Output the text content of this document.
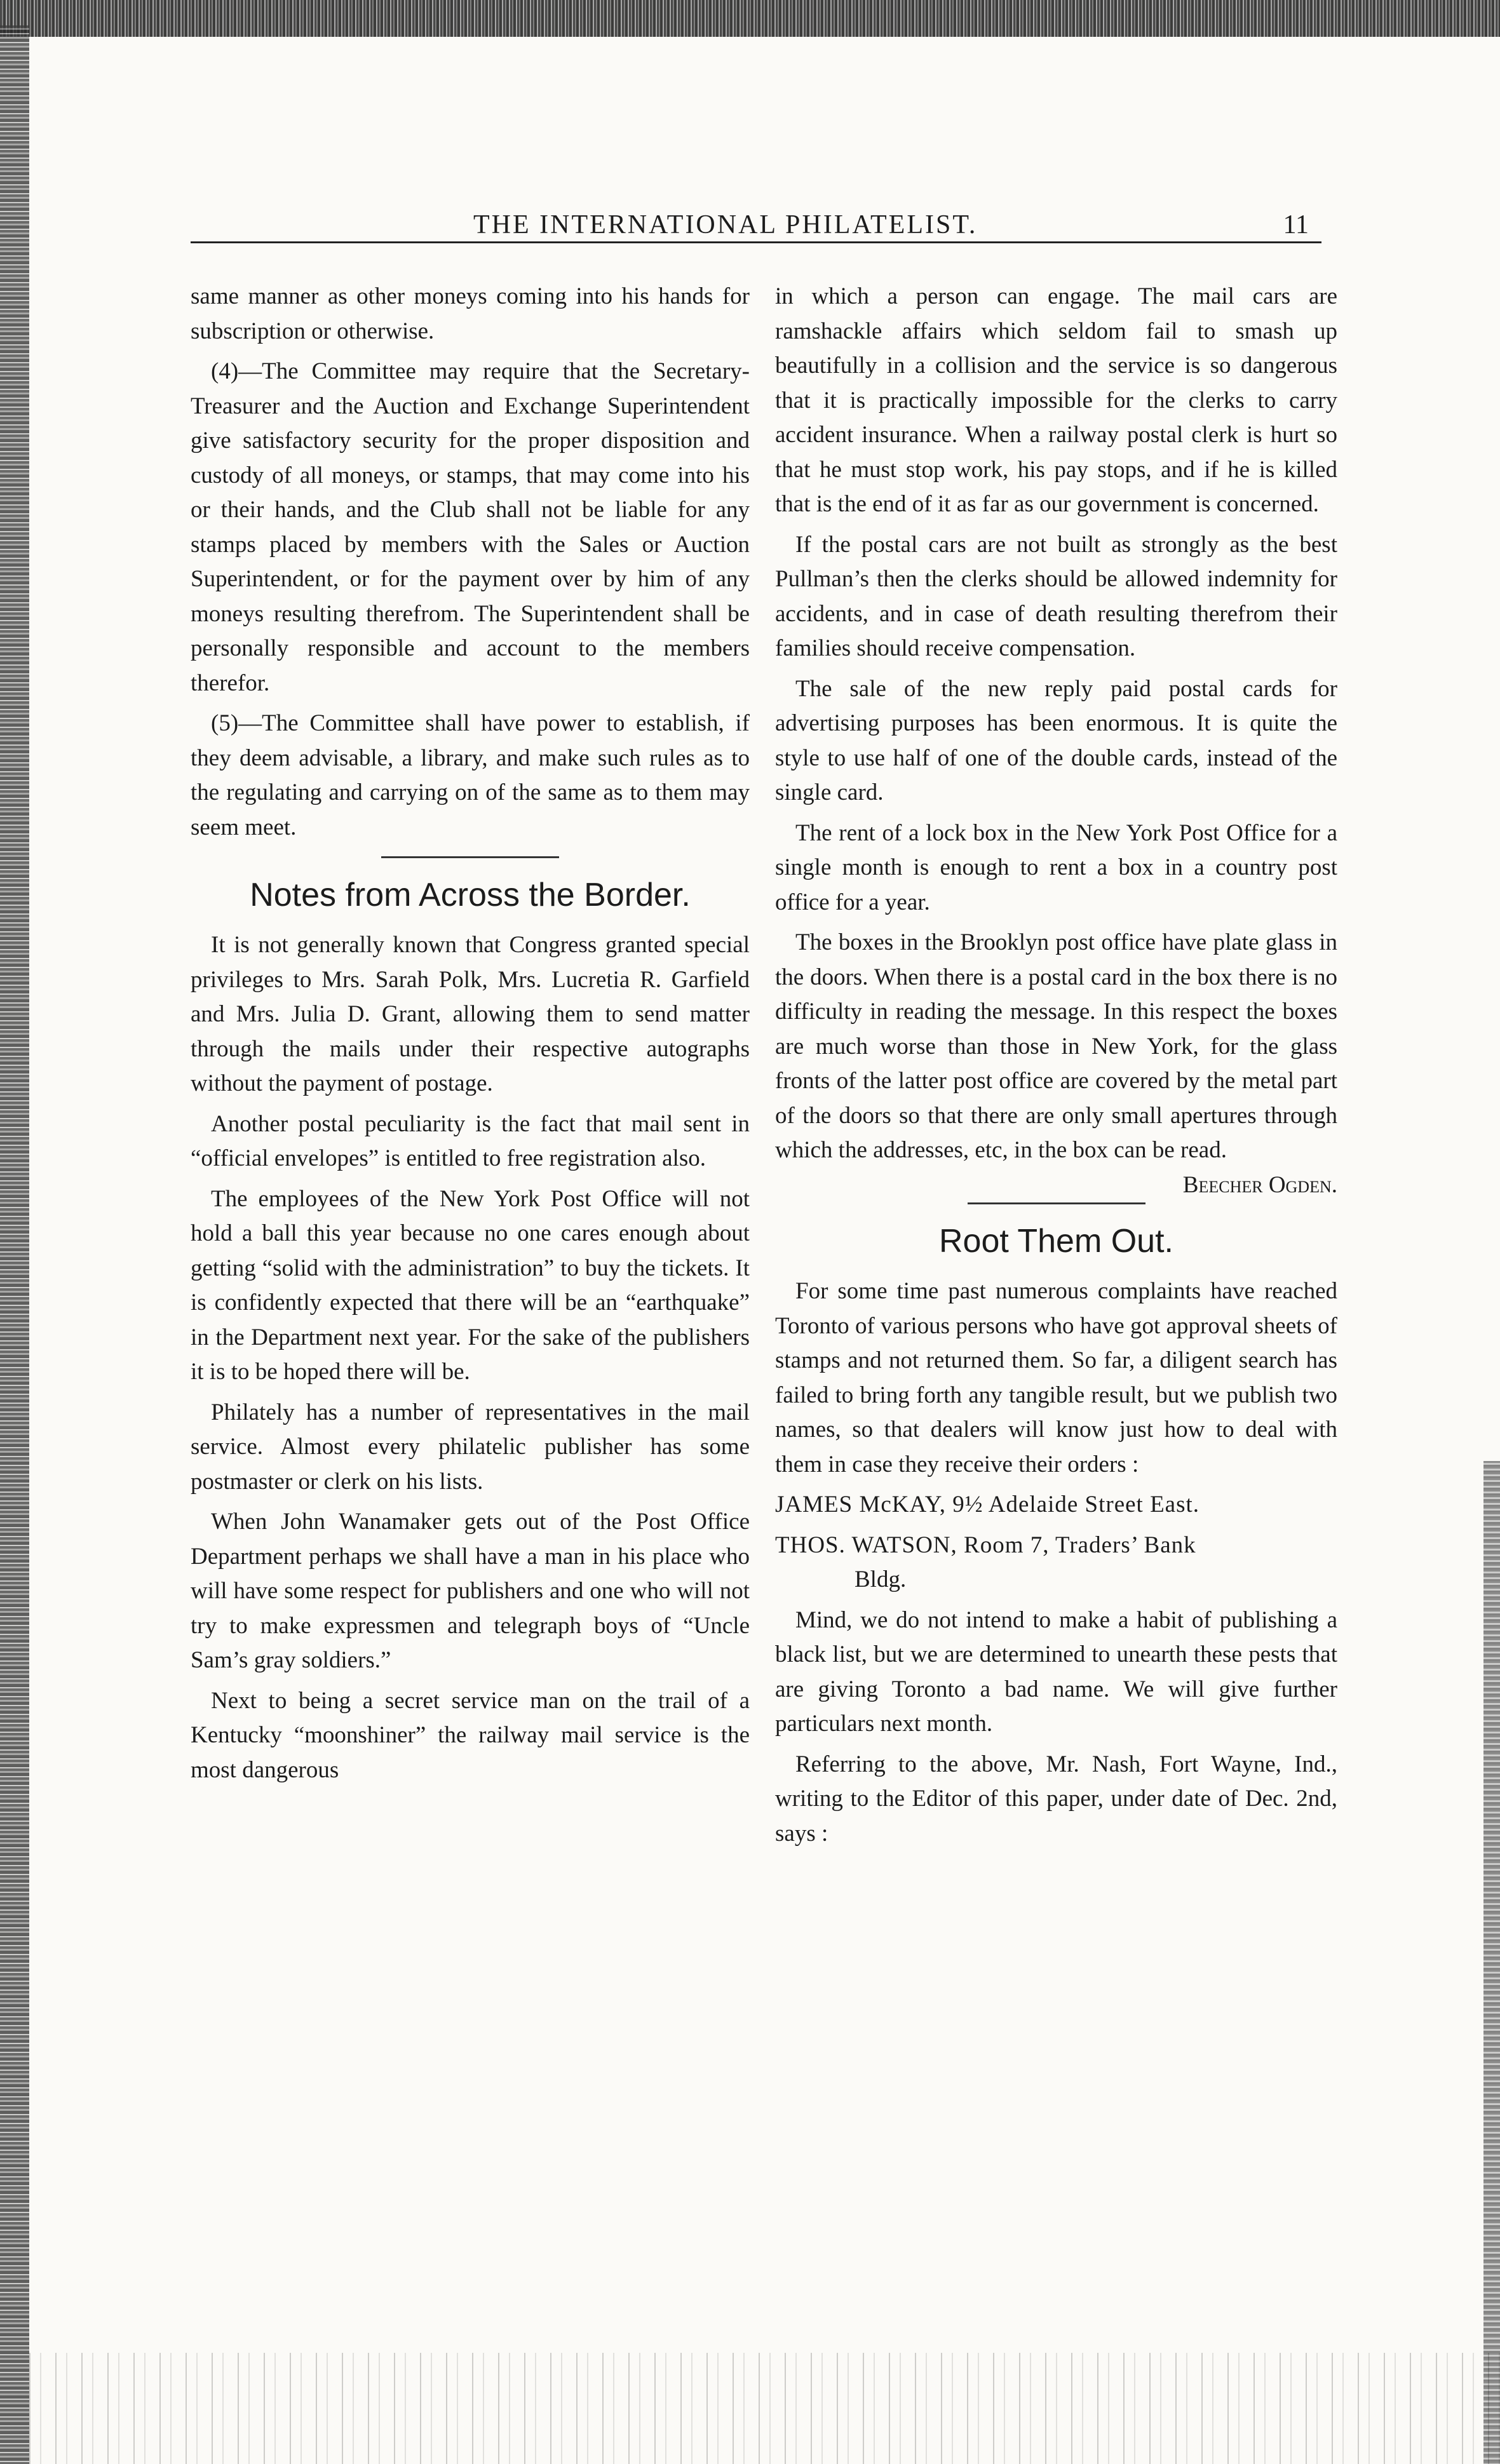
THE INTERNATIONAL PHILATELIST.	11

same manner as other moneys coming into his hands for subscription or otherwise.

(4)—The Committee may require that the Secretary-Treasurer and the Auction and Exchange Superintendent give satisfactory security for the proper disposition and custody of all moneys, or stamps, that may come into his or their hands, and the Club shall not be liable for any stamps placed by members with the Sales or Auction Superintendent, or for the payment over by him of any moneys resulting therefrom. The Superintendent shall be personally responsible and account to the members therefor.

(5)—The Committee shall have power to establish, if they deem advisable, a library, and make such rules as to the regulating and carrying on of the same as to them may seem meet.

Notes from Across the Border.

It is not generally known that Congress granted special privileges to Mrs. Sarah Polk, Mrs. Lucretia R. Garfield and Mrs. Julia D. Grant, allowing them to send matter through the mails under their respective autographs without the payment of postage.

Another postal peculiarity is the fact that mail sent in “official envelopes” is entitled to free registration also.

The employees of the New York Post Office will not hold a ball this year because no one cares enough about getting “solid with the administration” to buy the tickets. It is confidently expected that there will be an “earthquake” in the Department next year. For the sake of the publishers it is to be hoped there will be.

Philately has a number of representatives in the mail service. Almost every philatelic publisher has some postmaster or clerk on his lists.

When John Wanamaker gets out of the Post Office Department perhaps we shall have a man in his place who will have some respect for publishers and one who will not try to make expressmen and telegraph boys of “Uncle Sam’s gray soldiers.”

Next to being a secret service man on the trail of a Kentucky “moonshiner” the railway mail service is the most dangerous

in which a person can engage. The mail cars are ramshackle affairs which seldom fail to smash up beautifully in a collision and the service is so dangerous that it is practically impossible for the clerks to carry accident insurance. When a railway postal clerk is hurt so that he must stop work, his pay stops, and if he is killed that is the end of it as far as our government is concerned.

If the postal cars are not built as strongly as the best Pullman’s then the clerks should be allowed indemnity for accidents, and in case of death resulting therefrom their families should receive compensation.

The sale of the new reply paid postal cards for advertising purposes has been enormous. It is quite the style to use half of one of the double cards, instead of the single card.

The rent of a lock box in the New York Post Office for a single month is enough to rent a box in a country post office for a year.

The boxes in the Brooklyn post office have plate glass in the doors. When there is a postal card in the box there is no difficulty in reading the message. In this respect the boxes are much worse than those in New York, for the glass fronts of the latter post office are covered by the metal part of the doors so that there are only small apertures through which the addresses, etc, in the box can be read.
Beecher Ogden.

Root Them Out.

For some time past numerous complaints have reached Toronto of various persons who have got approval sheets of stamps and not returned them. So far, a diligent search has failed to bring forth any tangible result, but we publish two names, so that dealers will know just how to deal with them in case they receive their orders :

JAMES McKAY, 9½ Adelaide Street East.

THOS. WATSON, Room 7, Traders’ Bank

Bldg.

Mind, we do not intend to make a habit of publishing a black list, but we are determined to unearth these pests that are giving Toronto a bad name. We will give further particulars next month.

Referring to the above, Mr. Nash, Fort Wayne, Ind., writing to the Editor of this paper, under date of Dec. 2nd, says :
